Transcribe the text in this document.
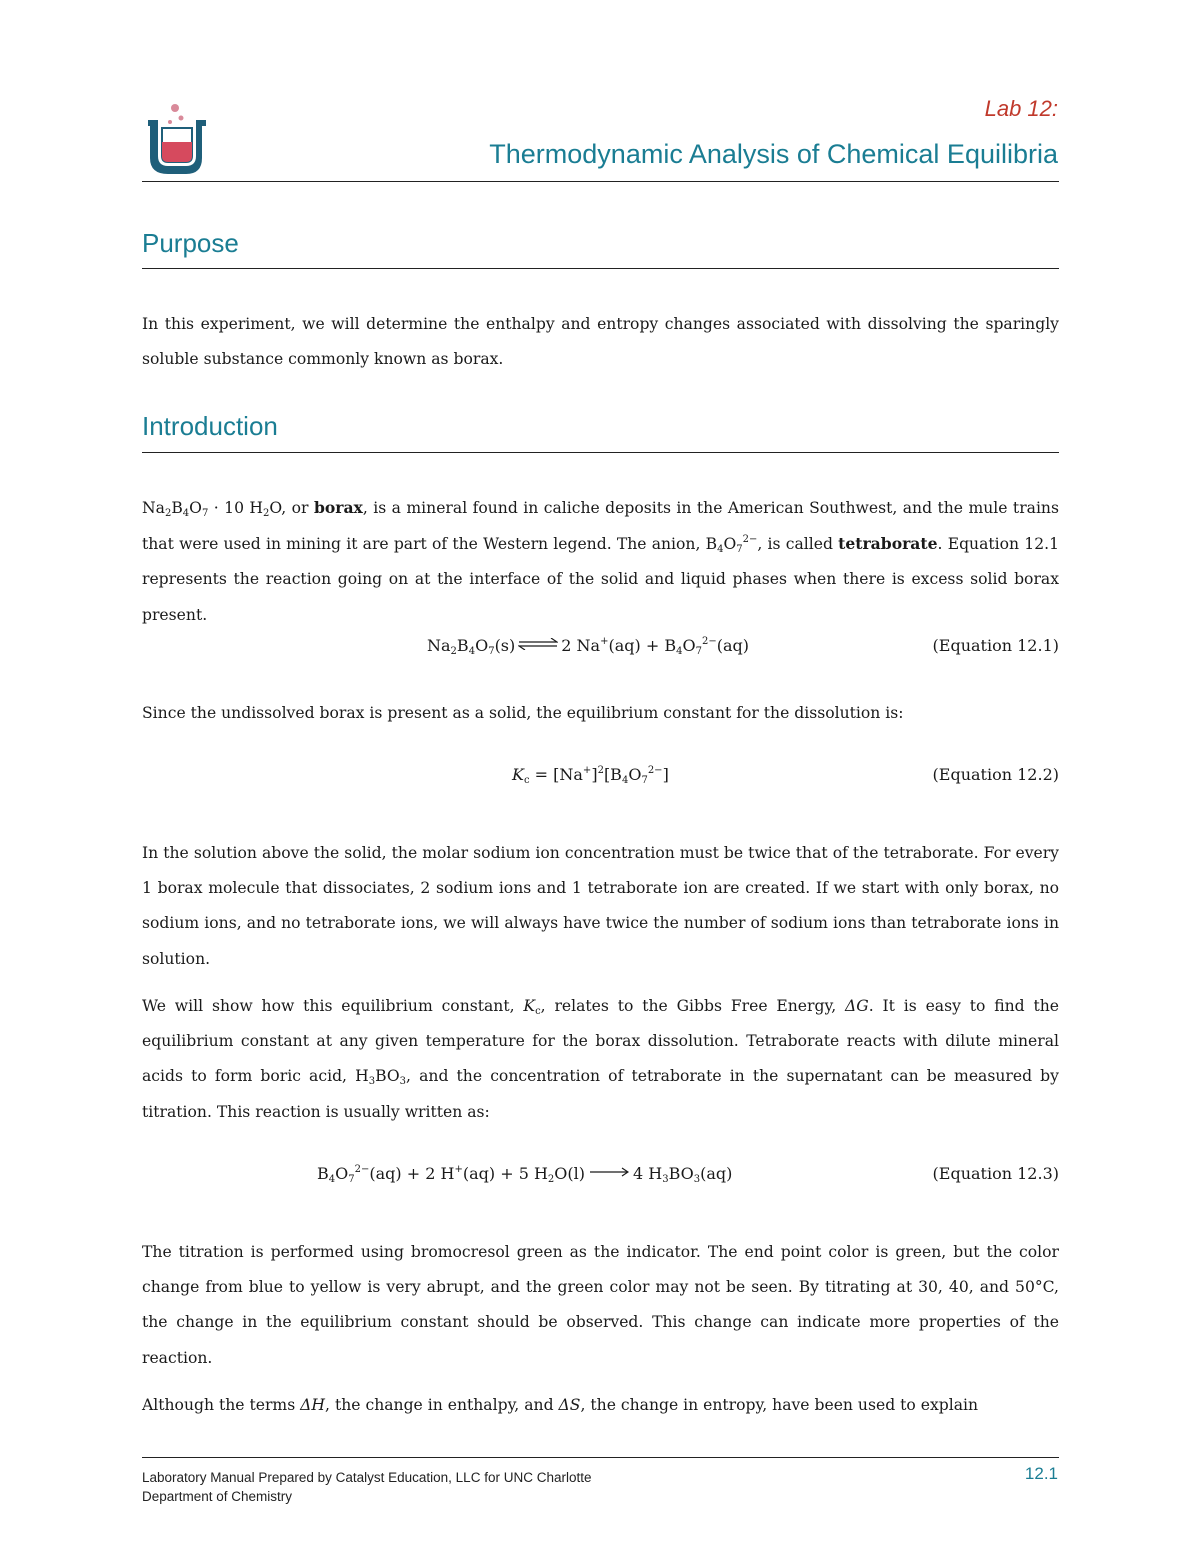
Lab 12:
Thermodynamic Analysis of Chemical Equilibria
Purpose

In this experiment, we will determine the enthalpy and entropy changes associated with dissolving the sparingly soluble substance commonly known as borax.

Introduction

$Na_2B_4O_7 \cdot 10$ $H_2O$, or borax, is a mineral found in caliche deposits in the American Southwest, and the mule trains that were used in mining it are part of the Western legend. The anion, $B_4O_7^{2-}$, is called tetraborate. Equation 12.1 represents the reaction going on at the interface of the solid and liquid phases when there is excess solid borax present.

$Na_2B_4O_7(s)$ ⇌ 2 $Na^+(aq) + B_4O_7^{2-}(aq)$	(Equation 12.1)

Since the undissolved borax is present as a solid, the equilibrium constant for the dissolution is:

$K_c = [Na^+]^2[B_4O_7^{2-}]$	(Equation 12.2)

In the solution above the solid, the molar sodium ion concentration must be twice that of the tetraborate. For every 1 borax molecule that dissociates, 2 sodium ions and 1 tetraborate ion are created. If we start with only borax, no sodium ions, and no tetraborate ions, we will always have twice the number of sodium ions than tetraborate ions in solution.

We will show how this equilibrium constant, $K_c$, relates to the Gibbs Free Energy, ΔG. It is easy to find the equilibrium constant at any given temperature for the borax dissolution. Tetraborate reacts with dilute mineral acids to form boric acid, $H_3BO_3$, and the concentration of tetraborate in the supernatant can be measured by titration. This reaction is usually written as:

$B_4O_7^{2-}(aq) + 2$ H+(aq) + 5 $H_2O(l) \to 4$ $H_3BO_3(aq)$	(Equation 12.3)

The titration is performed using bromocresol green as the indicator. The end point color is green, but the color change from blue to yellow is very abrupt, and the green color may not be seen. By titrating at 30, 40, and 50°C, the change in the equilibrium constant should be observed. This change can indicate more properties of the reaction.

Although the terms ΔH, the change in enthalpy, and ΔS, the change in entropy, have been used to explain

Laboratory Manual Prepared by Catalyst Education, LLC for UNC Charlotte
Department of Chemistry
12.1
